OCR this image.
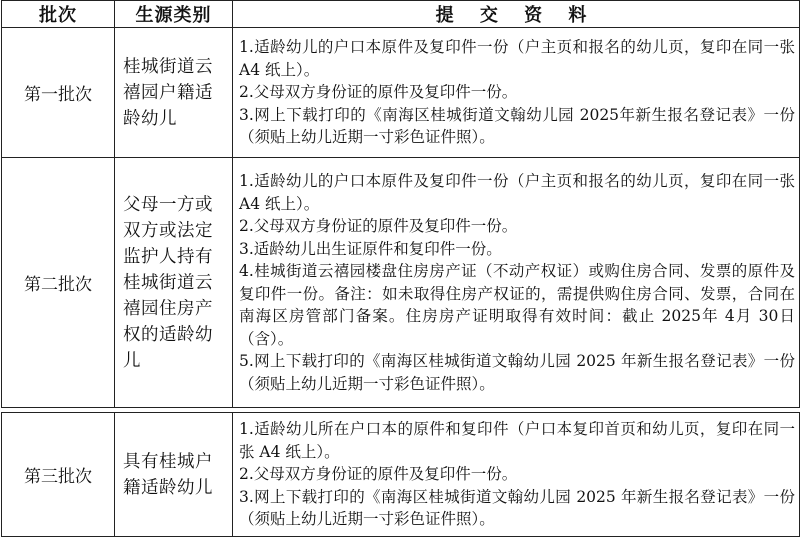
批次	生源类别	提 交 资 料
第一批次	桂城街道云禧园户籍适龄幼儿	1.适龄幼儿的户口本原件及复印件一份（户主页和报名的幼儿页，复印在同一张 A4 纸上）。

2.父母双方身份证的原件及复印件一份。

3.网上下载打印的《南海区桂城街道文翰幼儿园 2025年新生报名登记表》一份（须贴上幼儿近期一寸彩色证件照）。

第二批次	父母一方或双方或法定监护人持有桂城街道云禧园住房产权的适龄幼儿	1.适龄幼儿的户口本原件及复印件一份（户主页和报名的幼儿页，复印在同一张 A4 纸上）。

2.父母双方身份证的原件及复印件一份。

3.适龄幼儿出生证原件和复印件一份。

4.桂城街道云禧园楼盘住房房产证（不动产权证）或购住房合同、发票的原件及复印件一份。备注：如未取得住房产权证的，需提供购住房合同、发票，合同在南海区房管部门备案。住房房产证明取得有效时间：截止 2025年 4月 30日（含）。

5.网上下载打印的《南海区桂城街道文翰幼儿园 2025 年新生报名登记表》一份（须贴上幼儿近期一寸彩色证件照）。

第三批次	具有桂城户籍适龄幼儿	1.适龄幼儿所在户口本的原件和复印件（户口本复印首页和幼儿页，复印在同一张 A4 纸上）。

2.父母双方身份证的原件及复印件一份。

3.网上下载打印的《南海区桂城街道文翰幼儿园 2025 年新生报名登记表》一份（须贴上幼儿近期一寸彩色证件照）。
